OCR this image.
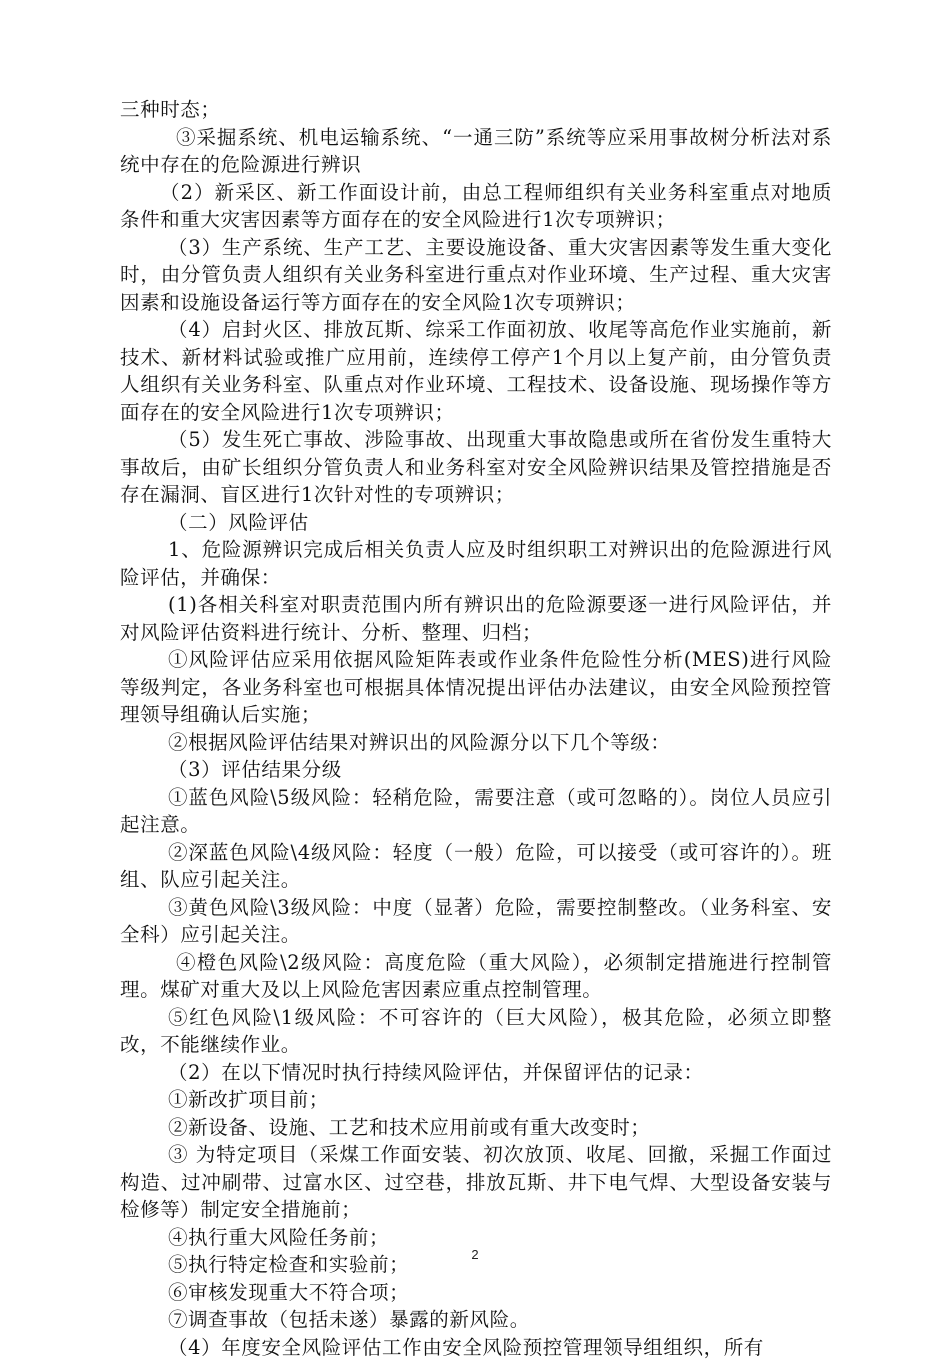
三种时态；

③采掘系统、机电运输系统、“一通三防”系统等应采用事故树分析法对系统中存在的危险源进行辨识

（2）新采区、新工作面设计前，由总工程师组织有关业务科室重点对地质条件和重大灾害因素等方面存在的安全风险进行1次专项辨识；

（3）生产系统、生产工艺、主要设施设备、重大灾害因素等发生重大变化时，由分管负责人组织有关业务科室进行重点对作业环境、生产过程、重大灾害因素和设施设备运行等方面存在的安全风险1次专项辨识；

（4）启封火区、排放瓦斯、综采工作面初放、收尾等高危作业实施前，新技术、新材料试验或推广应用前，连续停工停产1个月以上复产前，由分管负责人组织有关业务科室、队重点对作业环境、工程技术、设备设施、现场操作等方面存在的安全风险进行1次专项辨识；

（5）发生死亡事故、涉险事故、出现重大事故隐患或所在省份发生重特大事故后，由矿长组织分管负责人和业务科室对安全风险辨识结果及管控措施是否存在漏洞、盲区进行1次针对性的专项辨识；

（二）风险评估

1、危险源辨识完成后相关负责人应及时组织职工对辨识出的危险源进行风险评估，并确保：

(1)各相关科室对职责范围内所有辨识出的危险源要逐一进行风险评估，并对风险评估资料进行统计、分析、整理、归档；

①风险评估应采用依据风险矩阵表或作业条件危险性分析(MES)进行风险等级判定，各业务科室也可根据具体情况提出评估办法建议，由安全风险预控管理领导组确认后实施；

②根据风险评估结果对辨识出的风险源分以下几个等级：

（3）评估结果分级

①蓝色风险\5级风险：轻稍危险，需要注意（或可忽略的）。岗位人员应引起注意。

②深蓝色风险\4级风险：轻度（一般）危险，可以接受（或可容许的）。班组、队应引起关注。

③黄色风险\3级风险：中度（显著）危险，需要控制整改。（业务科室、安全科）应引起关注。

④橙色风险\2级风险：高度危险（重大风险），必须制定措施进行控制管理。煤矿对重大及以上风险危害因素应重点控制管理。

⑤红色风险\1级风险：不可容许的（巨大风险），极其危险，必须立即整改，不能继续作业。

（2）在以下情况时执行持续风险评估，并保留评估的记录：

①新改扩项目前；

②新设备、设施、工艺和技术应用前或有重大改变时；

③ 为特定项目（采煤工作面安装、初次放顶、收尾、回撤，采掘工作面过构造、过冲刷带、过富水区、过空巷，排放瓦斯、井下电气焊、大型设备安装与检修等）制定安全措施前；

④执行重大风险任务前；

⑤执行特定检查和实验前；

⑥审核发现重大不符合项；

⑦调查事故（包括未遂）暴露的新风险。

（4）年度安全风险评估工作由安全风险预控管理领导组组织，所有

2
